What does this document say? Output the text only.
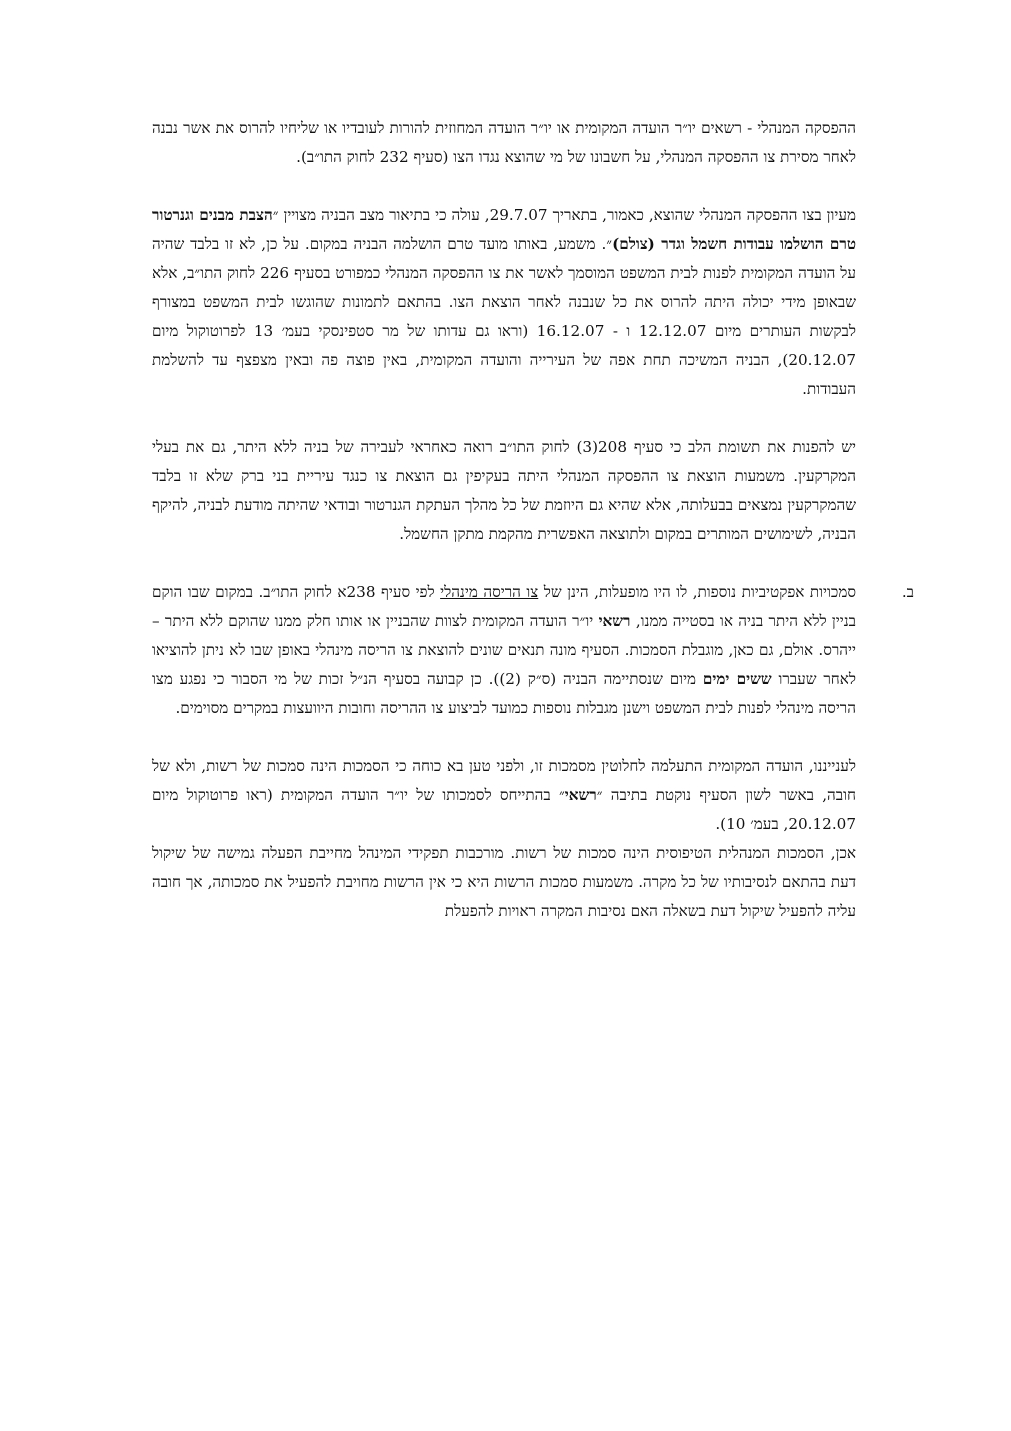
ההפסקה המנהלי - רשאים יו״ר הועדה המקומית או יו״ר הועדה המחוזית להורות לעובדיו או שליחיו להרוס את אשר נבנה לאחר מסירת צו ההפסקה המנהלי, על חשבונו של מי שהוצא נגדו הצו (סעיף 232 לחוק התו״ב).

מעיון בצו ההפסקה המנהלי שהוצא, כאמור, בתאריך 29.7.07, עולה כי בתיאור מצב הבניה מצויין ״הצבת מבנים וגנרטור טרם הושלמו עבודות חשמל וגדר (צולם)״. משמע, באותו מועד טרם הושלמה הבניה במקום. על כן, לא זו בלבד שהיה על הועדה המקומית לפנות לבית המשפט המוסמך לאשר את צו ההפסקה המנהלי כמפורט בסעיף 226 לחוק התו״ב, אלא שבאופן מידי יכולה היתה להרוס את כל שנבנה לאחר הוצאת הצו. בהתאם לתמונות שהוגשו לבית המשפט במצורף לבקשות העותרים מיום 12.12.07 ו - 16.12.07 (וראו גם עדותו של מר סטפינסקי בעמ׳ 13 לפרוטוקול מיום 20.12.07), הבניה המשיכה תחת אפה של העירייה והועדה המקומית, באין פוצה פה ובאין מצפצף עד להשלמת העבודות.

יש להפנות את תשומת הלב כי סעיף 208(3) לחוק התו״ב רואה כאחראי לעבירה של בניה ללא היתר, גם את בעלי המקרקעין. משמעות הוצאת צו ההפסקה המנהלי היתה בעקיפין גם הוצאת צו כנגד עיריית בני ברק שלא זו בלבד שהמקרקעין נמצאים בבעלותה, אלא שהיא גם היוזמת של כל מהלך העתקת הגנרטור ובודאי שהיתה מודעת לבניה, להיקף הבניה, לשימושים המותרים במקום ולתוצאה האפשרית מהקמת מתקן החשמל.

ב.

סמכויות אפקטיביות נוספות, לו היו מופעלות, הינן של צו הריסה מינהלי לפי סעיף 238א לחוק התו״ב. במקום שבו הוקם בניין ללא היתר בניה או בסטייה ממנו, רשאי יו״ר הועדה המקומית לצוות שהבניין או אותו חלק ממנו שהוקם ללא היתר – ייהרס. אולם, גם כאן, מוגבלת הסמכות. הסעיף מונה תנאים שונים להוצאת צו הריסה מינהלי באופן שבו לא ניתן להוציאו לאחר שעברו ששים ימים מיום שנסתיימה הבניה (ס״ק (2)). כן קבועה בסעיף הנ״ל זכות של מי הסבור כי נפגע מצו הריסה מינהלי לפנות לבית המשפט וישנן מגבלות נוספות כמועד לביצוע צו ההריסה וחובות היוועצות במקרים מסוימים.

לענייננו, הועדה המקומית התעלמה לחלוטין מסמכות זו, ולפני טען בא כוחה כי הסמכות הינה סמכות של רשות, ולא של חובה, באשר לשון הסעיף נוקטת בתיבה ״רשאי״ בהתייחס לסמכותו של יו״ר הועדה המקומית (ראו פרוטוקול מיום 20.12.07, בעמ׳ 10).

אכן, הסמכות המנהלית הטיפוסית הינה סמכות של רשות. מורכבות תפקידי המינהל מחייבת הפעלה גמישה של שיקול דעת בהתאם לנסיבותיו של כל מקרה. משמעות סמכות הרשות היא כי אין הרשות מחויבת להפעיל את סמכותה, אך חובה עליה להפעיל שיקול דעת בשאלה האם נסיבות המקרה ראויות להפעלת
